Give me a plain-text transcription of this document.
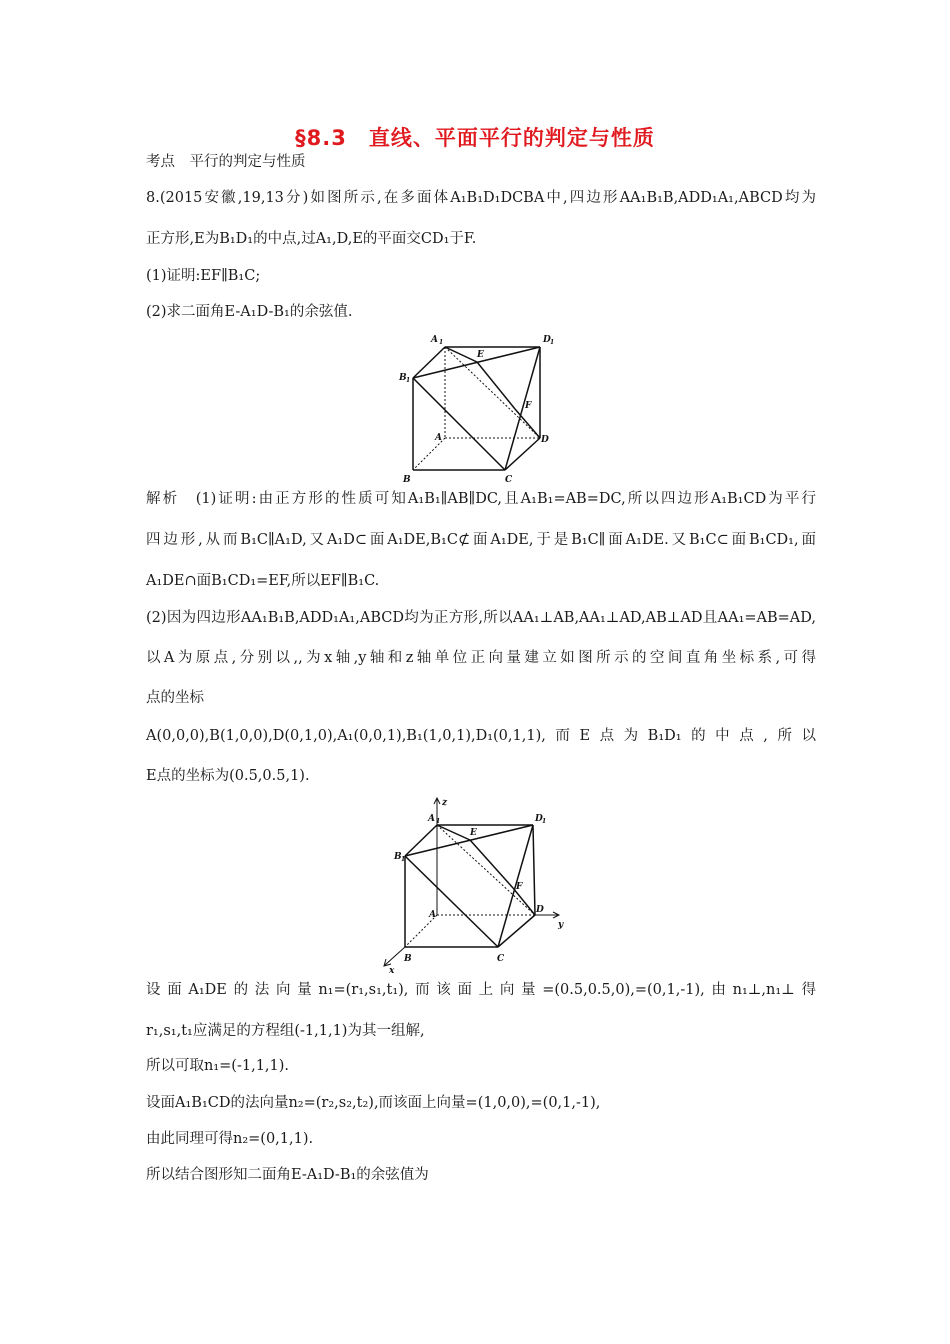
§8.3　直线、平面平行的判定与性质
考点　平行的判定与性质
8.(2015安徽,19,13分)如图所示,在多面体A₁B₁D₁DCBA中,四边形AA₁B₁B,ADD₁A₁,ABCD均为
正方形,E为B₁D₁的中点,过A₁,D,E的平面交CD₁于F.
(1)证明:EF∥B₁C;
(2)求二面角E-A₁D-B₁的余弦值.
A 1	D 1
B 1
E
F
A	D
B	C
解析　(1)证明:由正方形的性质可知A₁B₁∥AB∥DC,且A₁B₁=AB=DC,所以四边形A₁B₁CD为平行
四边形,从而B₁C∥A₁D,又A₁D⊂面A₁DE,B₁C⊄面A₁DE,于是B₁C∥面A₁DE.又B₁C⊂面B₁CD₁,面
A₁DE∩面B₁CD₁=EF,所以EF∥B₁C.
(2)因为四边形AA₁B₁B,ADD₁A₁,ABCD均为正方形,所以AA₁⊥AB,AA₁⊥AD,AB⊥AD且AA₁=AB=AD,
以A为原点,分别以,,为x轴,y轴和z轴单位正向量建立如图所示的空间直角坐标系,可得
点的坐标
A(0,0,0),B(1,0,0),D(0,1,0),A₁(0,0,1),B₁(1,0,1),D₁(0,1,1),而E点为B₁D₁的中点,所以
E点的坐标为(0.5,0.5,1).
z
y
x
A 1	D 1
B 1
E
F
A	D
B	C
设面A₁DE的法向量n₁=(r₁,s₁,t₁),而该面上向量=(0.5,0.5,0),=(0,1,-1),由n₁⊥,n₁⊥得
r₁,s₁,t₁应满足的方程组(-1,1,1)为其一组解,
所以可取n₁=(-1,1,1).
设面A₁B₁CD的法向量n₂=(r₂,s₂,t₂),而该面上向量=(1,0,0),=(0,1,-1),
由此同理可得n₂=(0,1,1).
所以结合图形知二面角E-A₁D-B₁的余弦值为
